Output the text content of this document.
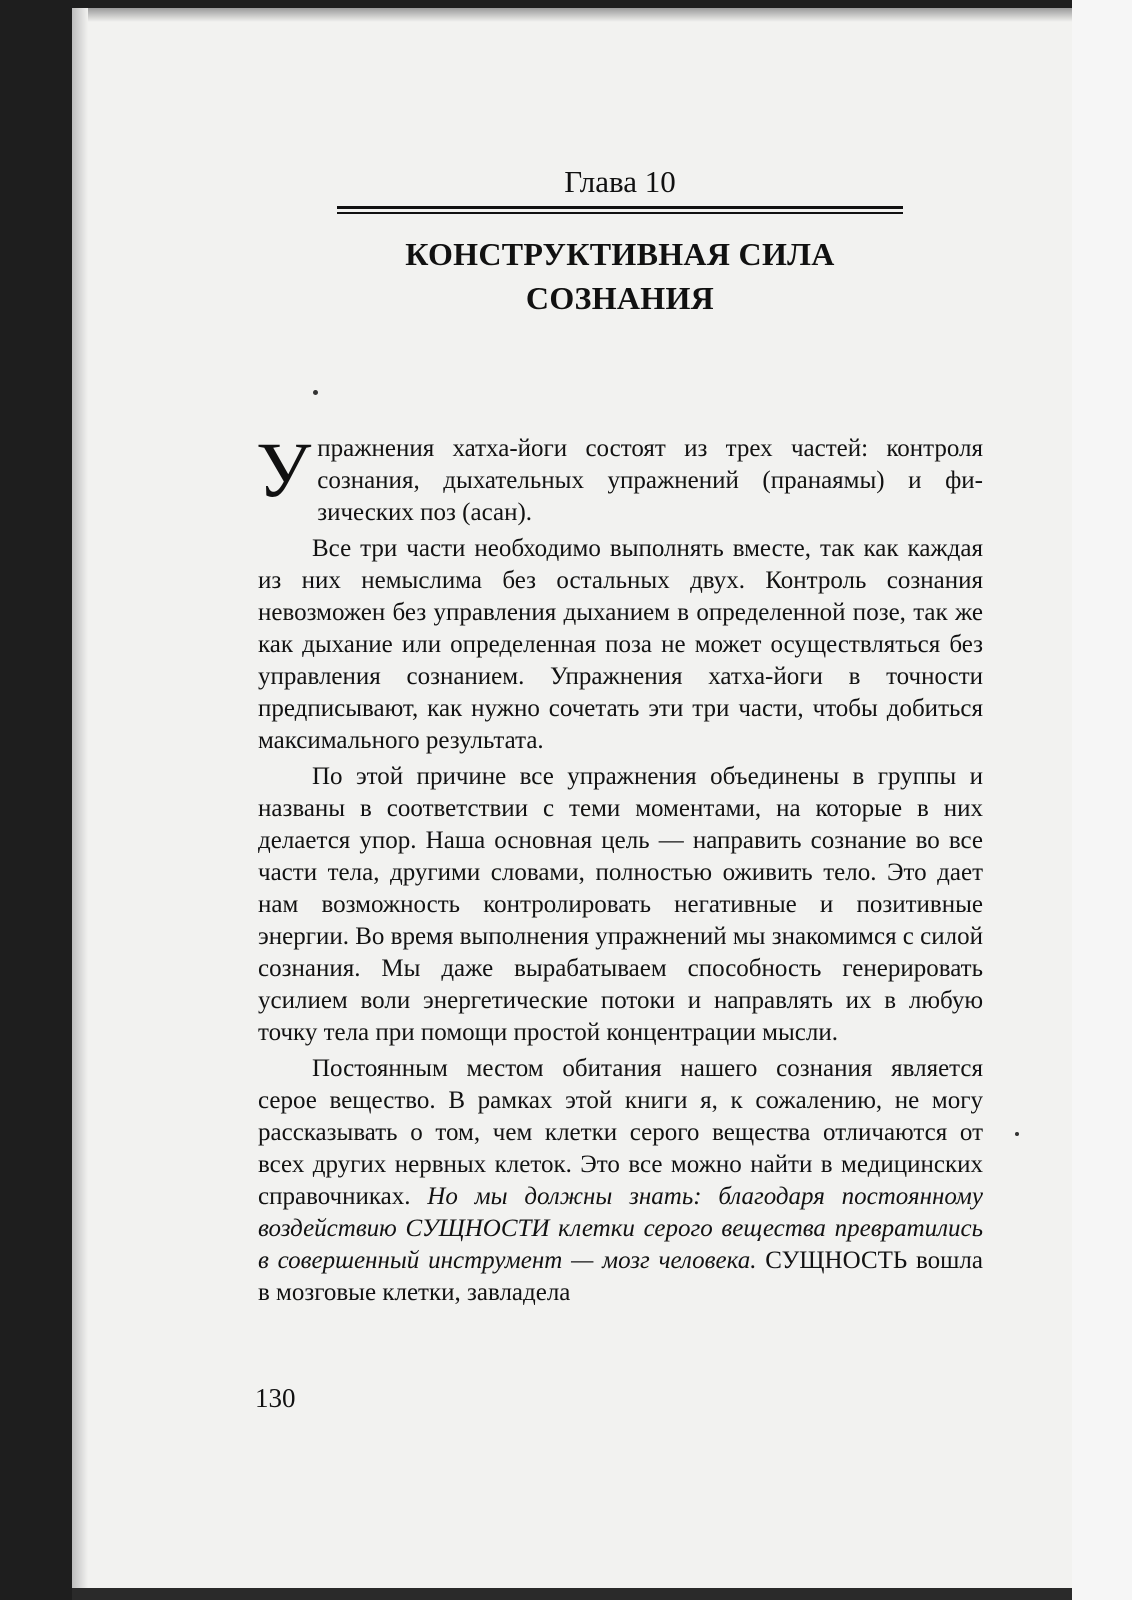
Глава 10
КОНСТРУКТИВНАЯ СИЛА
СОЗНАНИЯ

Упражнения хатха-йоги состоят из трех частей: контроля сознания, дыхательных упражнений (пранаямы) и физических поз (асан).

Все три части необходимо выполнять вместе, так как каждая из них немыслима без остальных двух. Контроль сознания невозможен без управления дыханием в определенной позе, так же как дыхание или определенная поза не может осуществляться без управления сознанием. Упражнения хатха-йоги в точности предписывают, как нужно сочетать эти три части, чтобы добиться максимального результата.

По этой причине все упражнения объединены в группы и названы в соответствии с теми моментами, на которые в них делается упор. Наша основная цель — направить сознание во все части тела, другими словами, полностью оживить тело. Это дает нам возможность контролировать негативные и позитивные энергии. Во время выполнения упражнений мы знакомимся с силой сознания. Мы даже вырабатываем способность генерировать усилием воли энергетические потоки и направлять их в любую точку тела при помощи простой концентрации мысли.

Постоянным местом обитания нашего сознания является серое вещество. В рамках этой книги я, к сожалению, не могу рассказывать о том, чем клетки серого вещества отличаются от всех других нервных клеток. Это все можно найти в медицинских справочниках. Но мы должны знать: благодаря постоянному воздействию СУЩНОСТИ клетки серого вещества превратились в совершенный инструмент — мозг человека. СУЩНОСТЬ вошла в мозговые клетки, завладела

130
